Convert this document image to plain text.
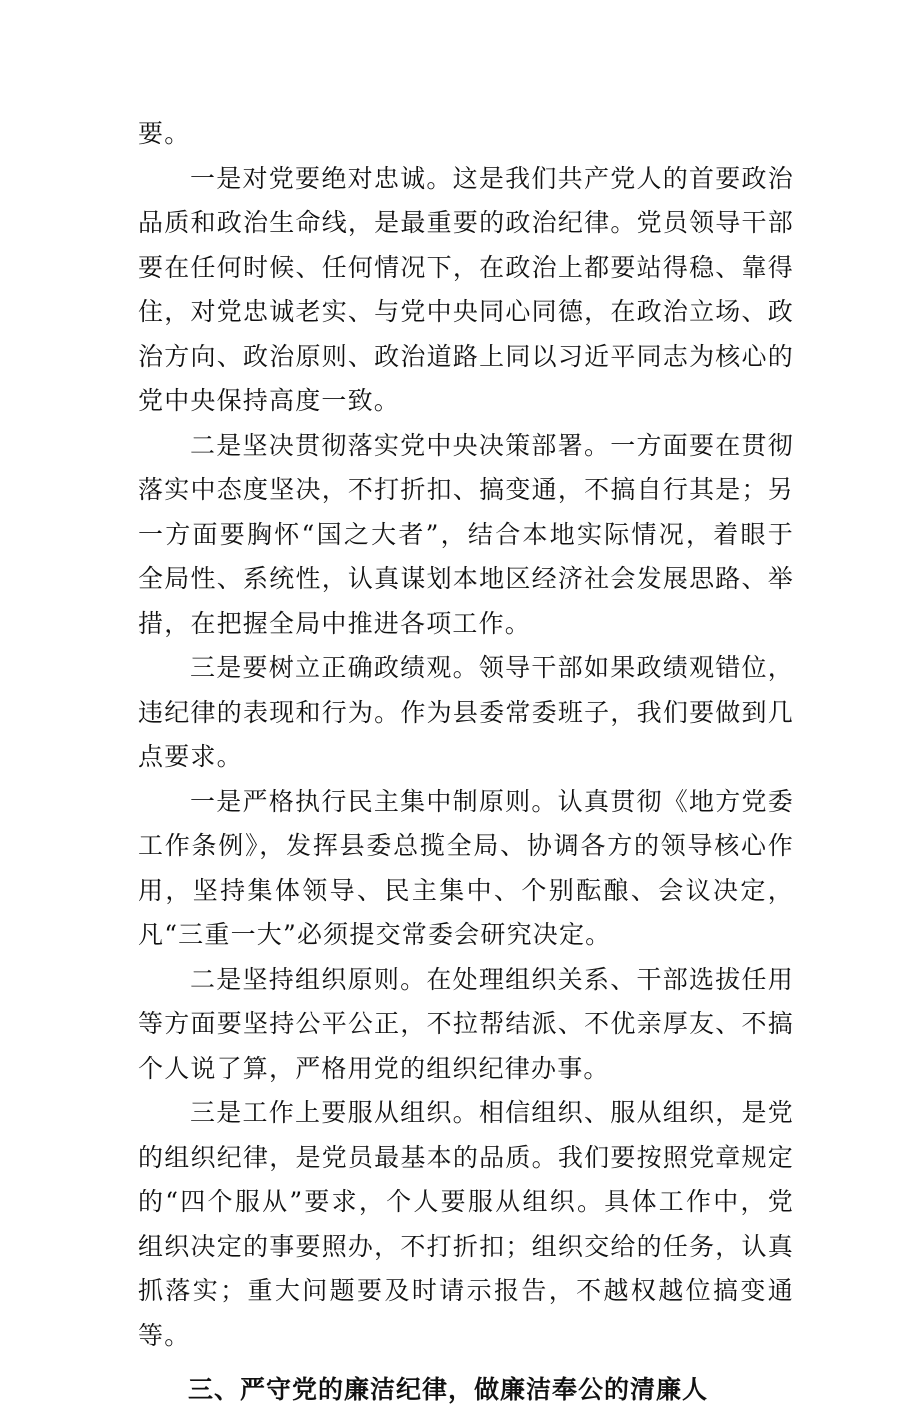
要。

一是对党要绝对忠诚。这是我们共产党人的首要政治品质和政治生命线，是最重要的政治纪律。党员领导干部要在任何时候、任何情况下，在政治上都要站得稳、靠得住，对党忠诚老实、与党中央同心同德，在政治立场、政治方向、政治原则、政治道路上同以习近平同志为核心的党中央保持高度一致。

二是坚决贯彻落实党中央决策部署。一方面要在贯彻落实中态度坚决，不打折扣、搞变通，不搞自行其是；另一方面要胸怀“国之大者”，结合本地实际情况，着眼于全局性、系统性，认真谋划本地区经济社会发展思路、举措，在把握全局中推进各项工作。

三是要树立正确政绩观。领导干部如果政绩观错位，违纪律的表现和行为。作为县委常委班子，我们要做到几点要求。

一是严格执行民主集中制原则。认真贯彻《地方党委工作条例》，发挥县委总揽全局、协调各方的领导核心作用，坚持集体领导、民主集中、个别酝酿、会议决定，凡“三重一大”必须提交常委会研究决定。

二是坚持组织原则。在处理组织关系、干部选拔任用等方面要坚持公平公正，不拉帮结派、不优亲厚友、不搞个人说了算，严格用党的组织纪律办事。

三是工作上要服从组织。相信组织、服从组织，是党的组织纪律，是党员最基本的品质。我们要按照党章规定的“四个服从”要求，个人要服从组织。具体工作中，党组织决定的事要照办，不打折扣；组织交给的任务，认真抓落实；重大问题要及时请示报告，不越权越位搞变通等。

三、严守党的廉洁纪律，做廉洁奉公的清廉人
